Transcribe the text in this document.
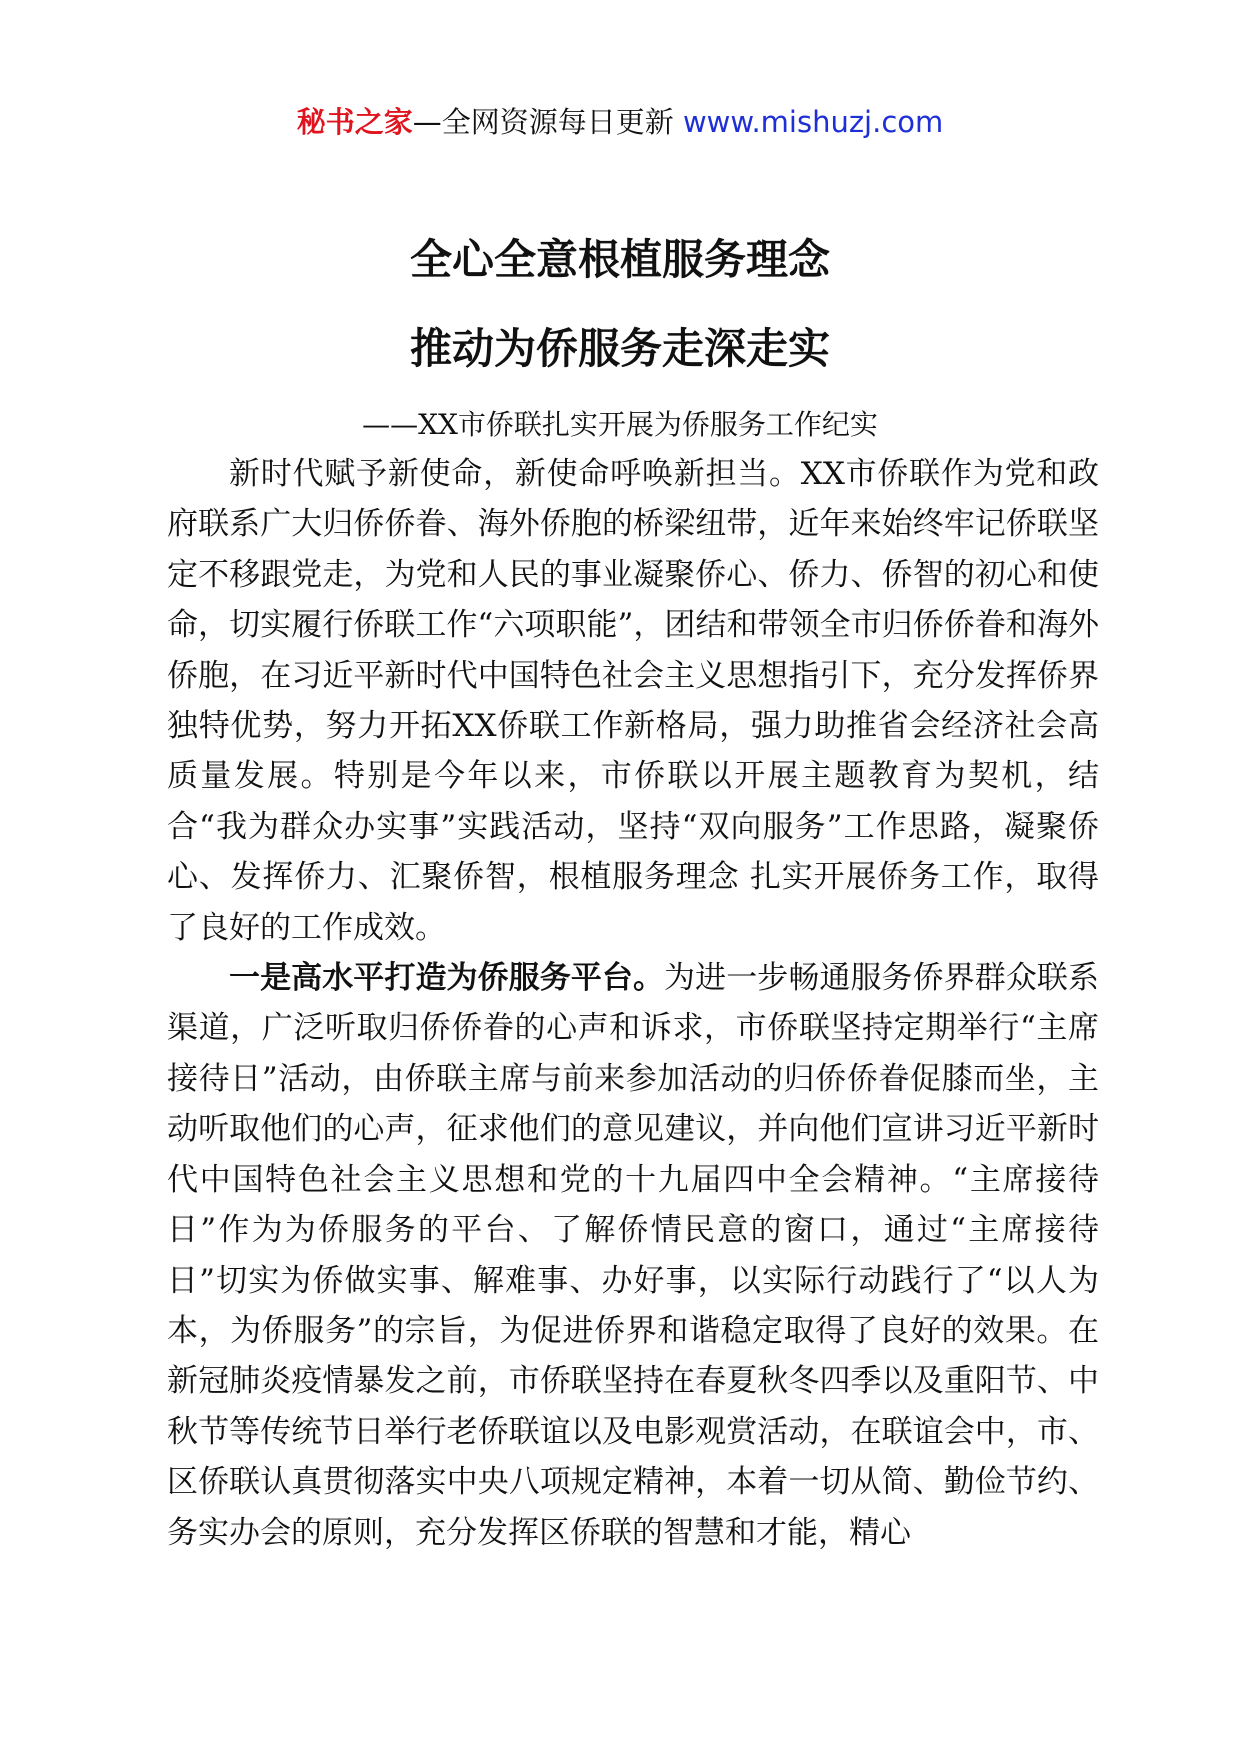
秘书之家—全网资源每日更新 www.mishuzj.com
全心全意根植服务理念
推动为侨服务走深走实
——XX市侨联扎实开展为侨服务工作纪实

新时代赋予新使命，新使命呼唤新担当。XX市侨联作为党和政府联系广大归侨侨眷、海外侨胞的桥梁纽带，近年来始终牢记侨联坚定不移跟党走，为党和人民的事业凝聚侨心、侨力、侨智的初心和使命，切实履行侨联工作“六项职能”，团结和带领全市归侨侨眷和海外侨胞，在习近平新时代中国特色社会主义思想指引下，充分发挥侨界独特优势，努力开拓XX侨联工作新格局，强力助推省会经济社会高质量发展。特别是今年以来，市侨联以开展主题教育为契机，结合“我为群众办实事”实践活动，坚持“双向服务”工作思路，凝聚侨心、发挥侨力、汇聚侨智，根植服务理念 扎实开展侨务工作，取得了良好的工作成效。

一是高水平打造为侨服务平台。为进一步畅通服务侨界群众联系渠道，广泛听取归侨侨眷的心声和诉求，市侨联坚持定期举行“主席接待日”活动，由侨联主席与前来参加活动的归侨侨眷促膝而坐，主动听取他们的心声，征求他们的意见建议，并向他们宣讲习近平新时代中国特色社会主义思想和党的十九届四中全会精神。“主席接待日”作为为侨服务的平台、了解侨情民意的窗口，通过“主席接待日”切实为侨做实事、解难事、办好事，以实际行动践行了“以人为本，为侨服务”的宗旨，为促进侨界和谐稳定取得了良好的效果。在新冠肺炎疫情暴发之前，市侨联坚持在春夏秋冬四季以及重阳节、中秋节等传统节日举行老侨联谊以及电影观赏活动，在联谊会中，市、区侨联认真贯彻落实中央八项规定精神，本着一切从简、勤俭节约、务实办会的原则，充分发挥区侨联的智慧和才能，精心
